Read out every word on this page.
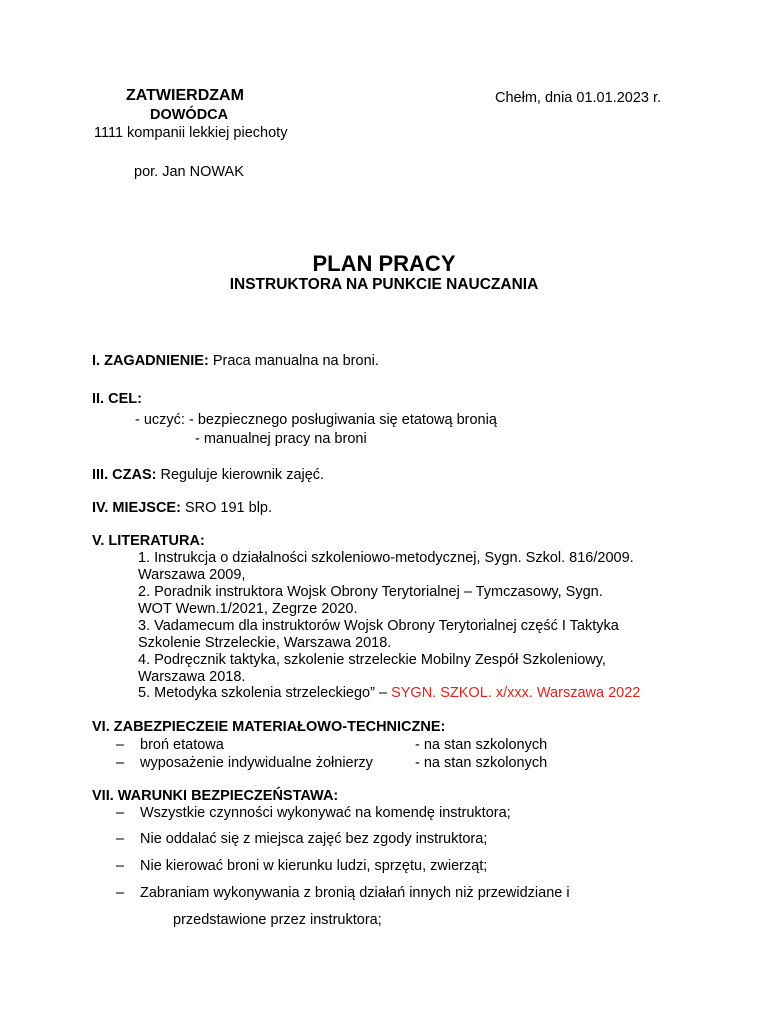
ZATWIERDZAM
DOWÓDCA
1111 kompanii lekkiej piechoty
por. Jan NOWAK
Chełm, dnia 01.01.2023 r.
PLAN PRACY
INSTRUKTORA NA PUNKCIE NAUCZANIA
I. ZAGADNIENIE: Praca manualna na broni.
II. CEL:
- uczyć: - bezpiecznego posługiwania się etatową bronią
- manualnej pracy na broni
III. CZAS: Reguluje kierownik zajęć.
IV. MIEJSCE: SRO 191 blp.
V. LITERATURA:
1. Instrukcja o działalności szkoleniowo-metodycznej, Sygn. Szkol. 816/2009.
Warszawa 2009,
2. Poradnik instruktora Wojsk Obrony Terytorialnej – Tymczasowy, Sygn.
WOT Wewn.1/2021, Zegrze 2020.
3. Vadamecum dla instruktorów Wojsk Obrony Terytorialnej część I Taktyka
Szkolenie Strzeleckie, Warszawa 2018.
4. Podręcznik taktyka, szkolenie strzeleckie Mobilny Zespół Szkoleniowy,
Warszawa 2018.
5. Metodyka szkolenia strzeleckiego” – SYGN. SZKOL. x/xxx. Warszawa 2022
VI. ZABEZPIECZEIE MATERIAŁOWO-TECHNICZNE:
– broń etatowa	- na stan szkolonych
– wyposażenie indywidualne żołnierzy	- na stan szkolonych
VII. WARUNKI BEZPIECZEŃSTAWA:
– Wszystkie czynności wykonywać na komendę instruktora;
– Nie oddalać się z miejsca zajęć bez zgody instruktora;
– Nie kierować broni w kierunku ludzi, sprzętu, zwierząt;
– Zabraniam wykonywania z bronią działań innych niż przewidziane i
przedstawione przez instruktora;
